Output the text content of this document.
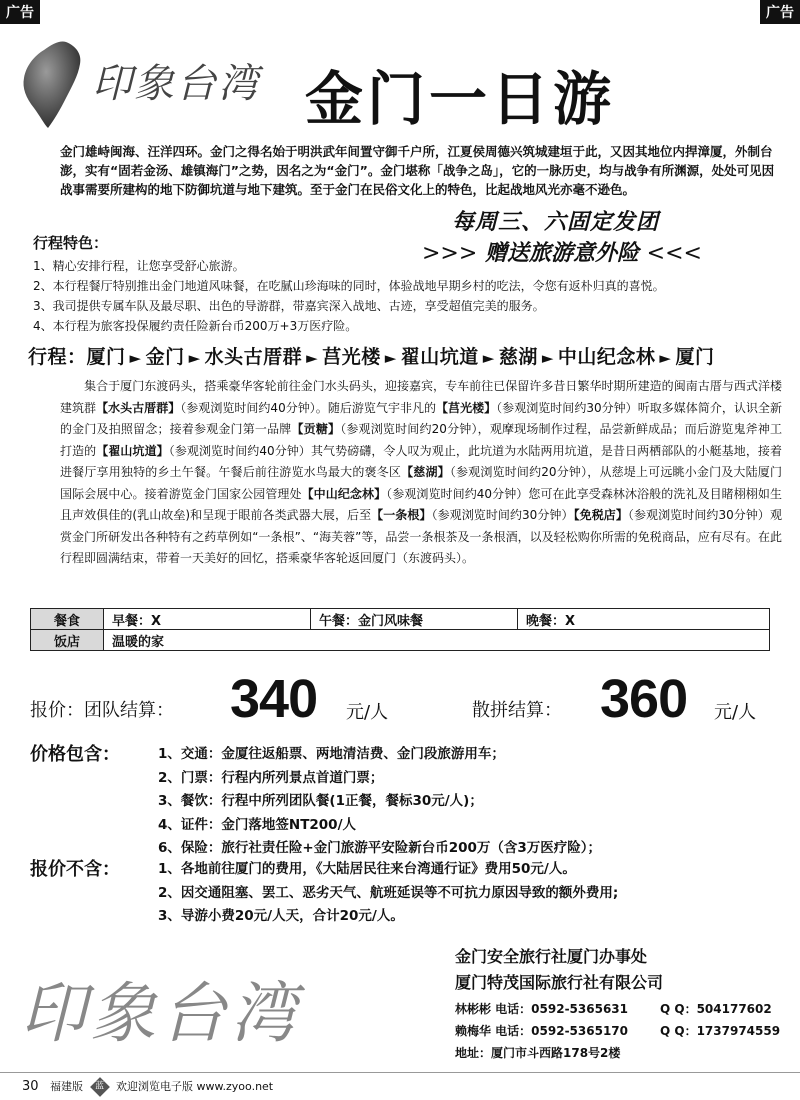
广告	广告
印象台湾 金门一日游

金门雄峙闽海、汪洋四环。金门之得名始于明洪武年间置守御千户所，江夏侯周德兴筑城建垣于此，又因其地位内捍漳厦，外制台澎，实有“固若金汤、雄镇海门”之势，因名之为“金门”。金门堪称「战争之岛」，它的一脉历史，均与战争有所渊源，处处可见因战事需要所建构的地下防御坑道与地下建筑。至于金门在民俗文化上的特色，比起战地风光亦毫不逊色。

每周三、六固定发团
>>> 赠送旅游意外险 <<<
行程特色：
1、精心安排行程，让您享受舒心旅游。
2、本行程餐厅特别推出金门地道风味餐，在吃腻山珍海味的同时，体验战地早期乡村的吃法，令您有返朴归真的喜悦。
3、我司提供专属车队及最尽职、出色的导游群，带嘉宾深入战地、古迹，享受超值完美的服务。
4、本行程为旅客投保履约责任险新台币200万+3万医疗险。
行程：厦门 ► 金门 ► 水头古厝群 ► 莒光楼 ► 翟山坑道 ► 慈湖 ► 中山纪念林 ► 厦门
　　集合于厦门东渡码头，搭乘豪华客轮前往金门水头码头，迎接嘉宾，专车前往已保留许多昔日繁华时期所建造的闽南古厝与西式洋楼建筑群【水头古厝群】（参观浏览时间约40分钟）。随后游览气宇非凡的【莒光楼】（参观浏览时间约30分钟）听取多媒体简介，认识全新的金门及拍照留念；接着参观金门第一品牌【贡糖】（参观浏览时间约20分钟），观摩现场制作过程，品尝新鲜成品；而后游览鬼斧神工打造的【翟山坑道】（参观浏览时间约40分钟）其气势磅礴，令人叹为观止，此坑道为水陆两用坑道，是昔日两栖部队的小艇基地，接着进餐厅享用独特的乡土午餐。午餐后前往游览水鸟最大的褒冬区【慈湖】（参观浏览时间约20分钟），从慈堤上可远眺小金门及大陆厦门国际会展中心。接着游览金门国家公园管理处【中山纪念林】（参观浏览时间约40分钟）您可在此享受森林沐浴般的洗礼及目睹栩栩如生且声效俱佳的(乳山故垒)和呈现于眼前各类武器大展，后至【一条根】（参观浏览时间约30分钟）【免税店】（参观浏览时间约30分钟）观赏金门所研发出各种特有之药草例如“一条根”、“海芙蓉”等，品尝一条根茶及一条根酒，以及轻松购你所需的免税商品，应有尽有。在此行程即圆满结束，带着一天美好的回忆，搭乘豪华客轮返回厦门（东渡码头）。
餐食	早餐：X	午餐：金门风味餐	晚餐：X
饭店	温暖的家		
报价：团队结算： 340 元/人	散拼结算： 360 元/人
价格包含：	1、交通：金厦往返船票、两地清洁费、金门段旅游用车；
2、门票：行程内所列景点首道门票；
3、餐饮：行程中所列团队餐(1正餐，餐标30元/人)；
4、证件：金门落地签NT200/人
6、保险：旅行社责任险+金门旅游平安险新台币200万（含3万医疗险）；
报价不含：	1、各地前往厦门的费用，《大陆居民往来台湾通行证》费用50元/人。
2、因交通阻塞、罢工、恶劣天气、航班延误等不可抗力原因导致的额外费用;
3、导游小费20元/人天，合计20元/人。
印象台湾
金门安全旅行社厦门办事处
厦门特茂国际旅行社有限公司
林彬彬 电话：0592-5365631	Q Q：504177602
赖梅华 电话：0592-5365170	Q Q：1737974559
地址：厦门市斗西路178号2楼
30 福建版 蓝 欢迎浏览电子版 www.zyoo.net
